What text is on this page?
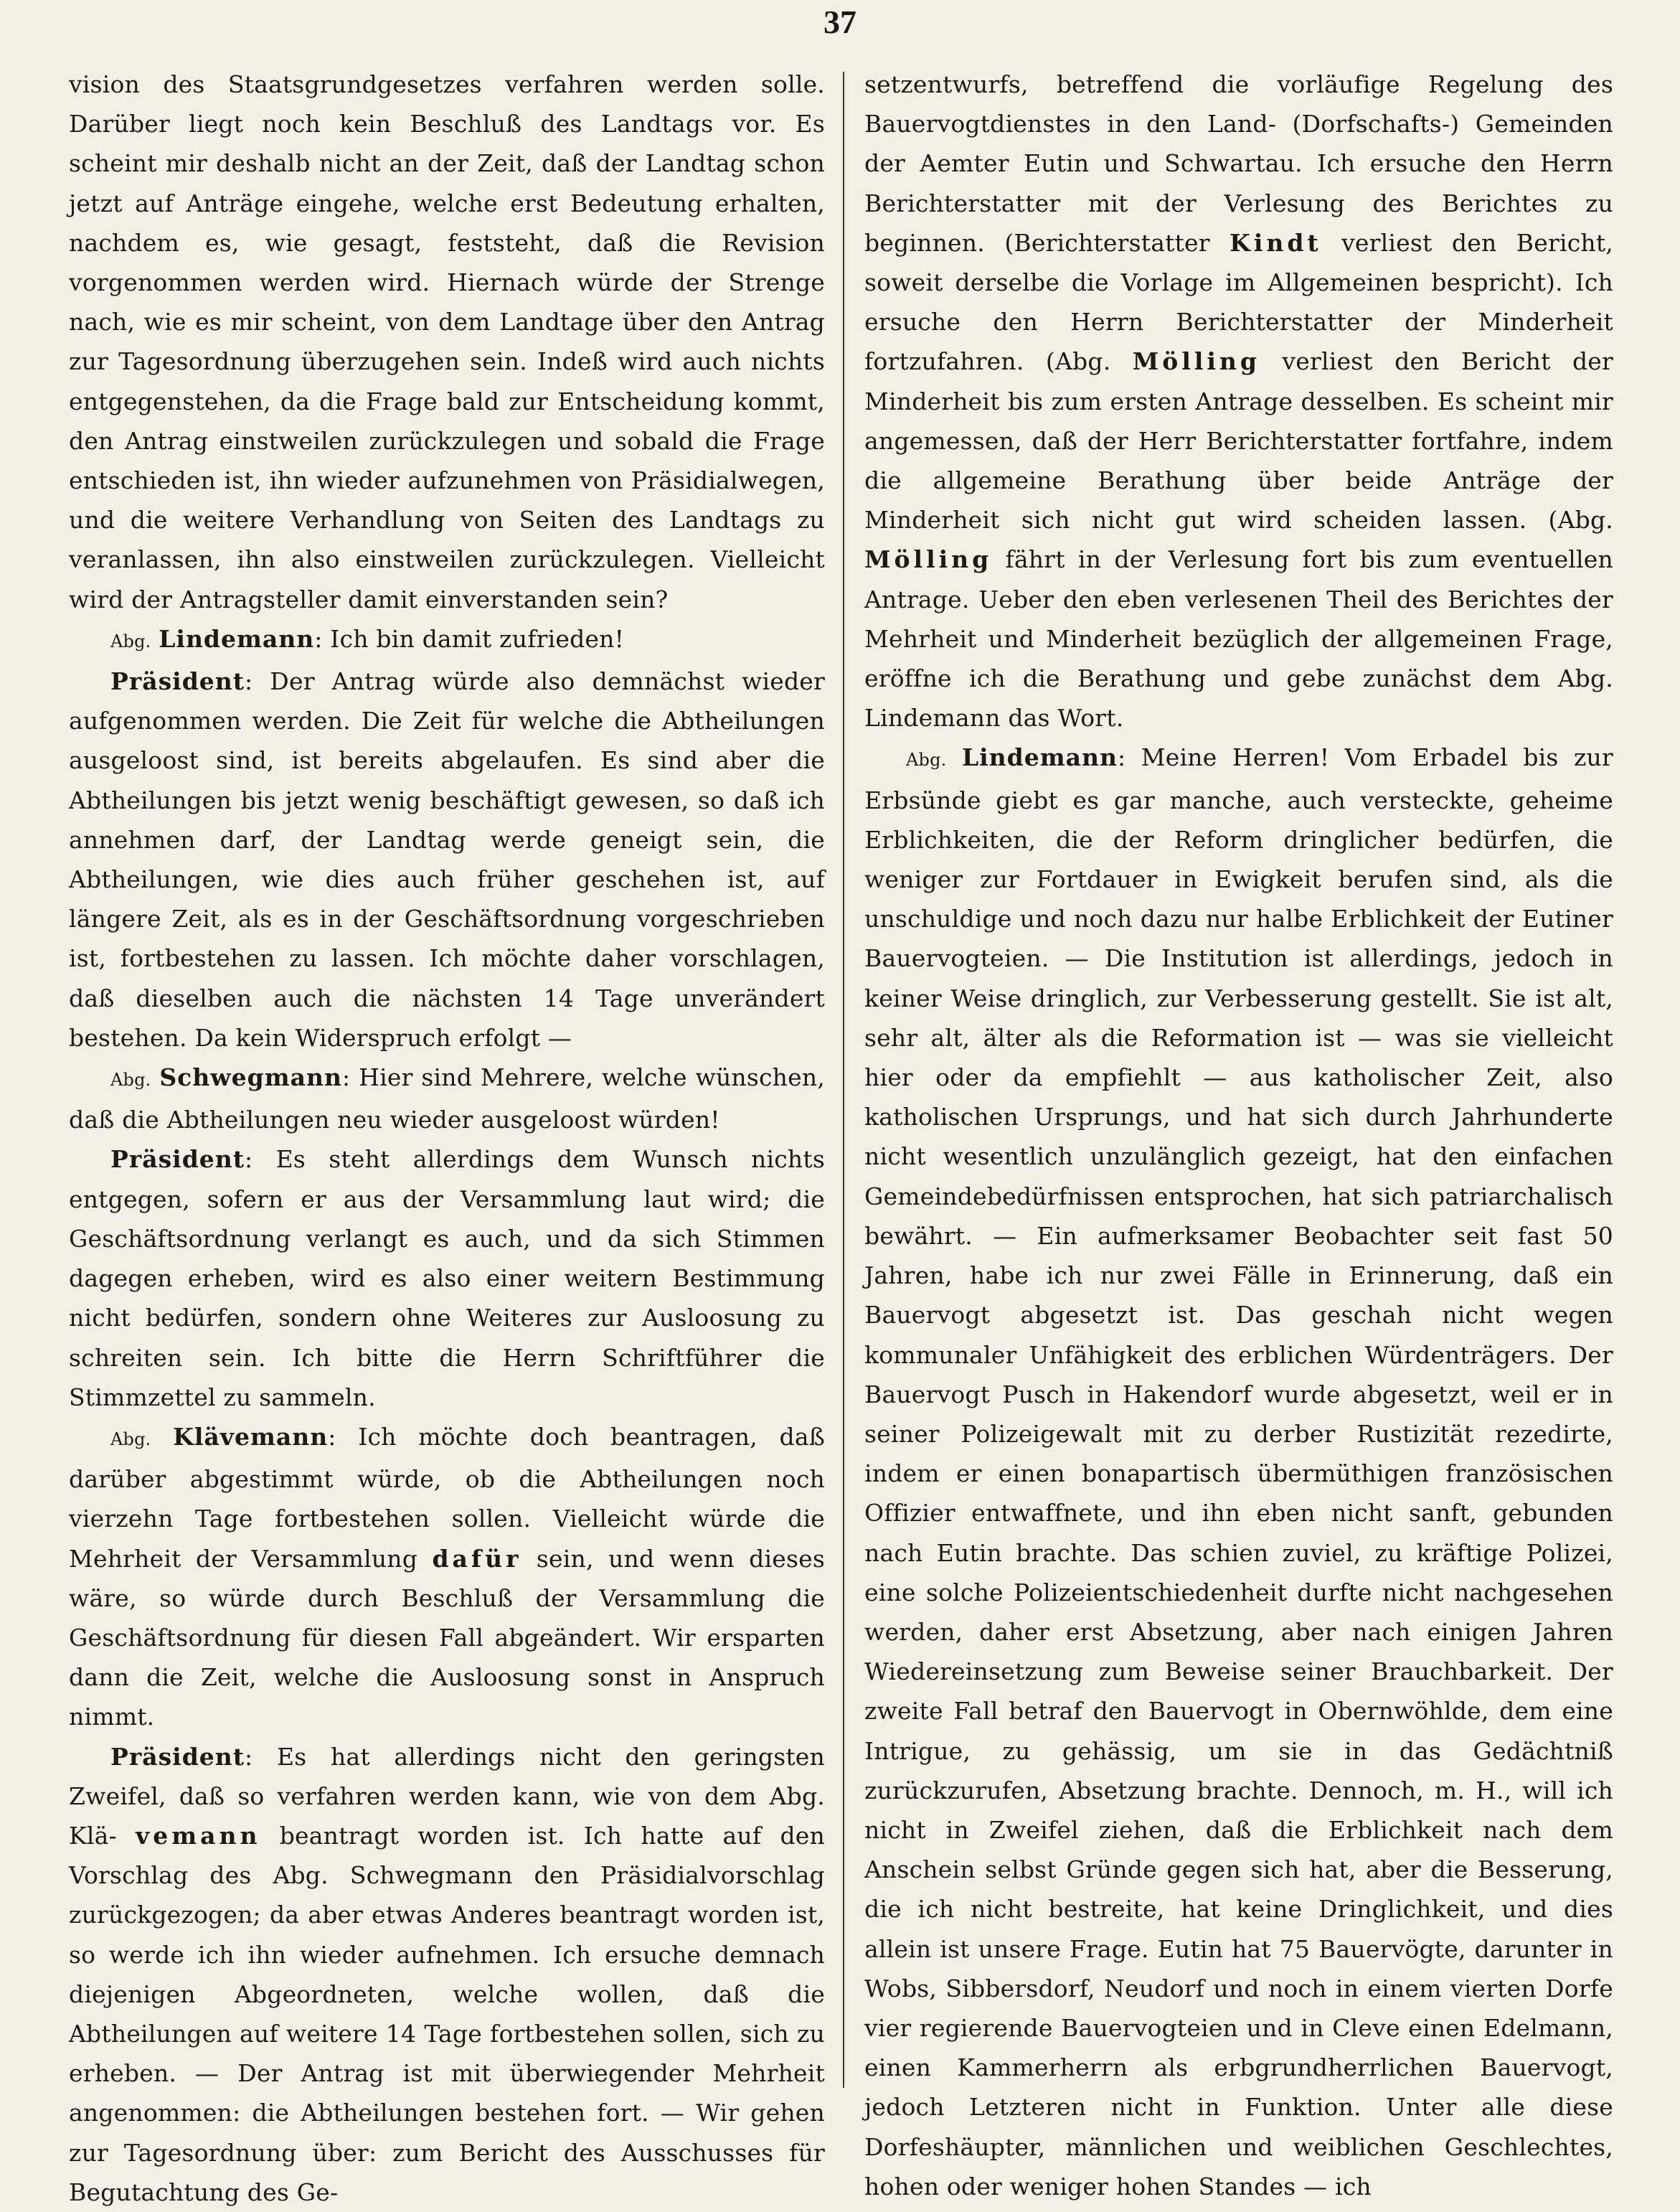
37

vision des Staatsgrundgesetzes verfahren werden solle. Darüber liegt noch kein Beschluß des Landtags vor. Es scheint mir deshalb nicht an der Zeit, daß der Landtag schon jetzt auf Anträge eingehe, welche erst Bedeutung erhalten, nachdem es, wie gesagt, feststeht, daß die Revision vorgenommen werden wird. Hiernach würde der Strenge nach, wie es mir scheint, von dem Landtage über den Antrag zur Tagesordnung überzugehen sein. Indeß wird auch nichts entgegenstehen, da die Frage bald zur Entscheidung kommt, den Antrag einstweilen zurückzulegen und sobald die Frage entschieden ist, ihn wieder aufzunehmen von Präsidialwegen, und die weitere Verhandlung von Seiten des Landtags zu veranlassen, ihn also einstweilen zurückzulegen. Vielleicht wird der Antragsteller damit einverstanden sein?

Abg. Lindemann: Ich bin damit zufrieden!

Präsident: Der Antrag würde also demnächst wieder aufgenommen werden. Die Zeit für welche die Abtheilungen ausgeloost sind, ist bereits abgelaufen. Es sind aber die Abtheilungen bis jetzt wenig beschäftigt gewesen, so daß ich annehmen darf, der Landtag werde geneigt sein, die Abtheilungen, wie dies auch früher geschehen ist, auf längere Zeit, als es in der Geschäftsordnung vorgeschrieben ist, fortbestehen zu lassen. Ich möchte daher vorschlagen, daß dieselben auch die nächsten 14 Tage unverändert bestehen. Da kein Widerspruch erfolgt —

Abg. Schwegmann: Hier sind Mehrere, welche wünschen, daß die Abtheilungen neu wieder ausgeloost würden!

Präsident: Es steht allerdings dem Wunsch nichts entgegen, sofern er aus der Versammlung laut wird; die Geschäftsordnung verlangt es auch, und da sich Stimmen dagegen erheben, wird es also einer weitern Bestimmung nicht bedürfen, sondern ohne Weiteres zur Ausloosung zu schreiten sein. Ich bitte die Herrn Schriftführer die Stimmzettel zu sammeln.

Abg. Klävemann: Ich möchte doch beantragen, daß darüber abgestimmt würde, ob die Abtheilungen noch vierzehn Tage fortbestehen sollen. Vielleicht würde die Mehrheit der Versammlung dafür sein, und wenn dieses wäre, so würde durch Beschluß der Versammlung die Geschäftsordnung für diesen Fall abgeändert. Wir ersparten dann die Zeit, welche die Ausloosung sonst in Anspruch nimmt.

Präsident: Es hat allerdings nicht den geringsten Zweifel, daß so verfahren werden kann, wie von dem Abg. Klä- vemann beantragt worden ist. Ich hatte auf den Vorschlag des Abg. Schwegmann den Präsidialvorschlag zurückgezogen; da aber etwas Anderes beantragt worden ist, so werde ich ihn wieder aufnehmen. Ich ersuche demnach diejenigen Abgeordneten, welche wollen, daß die Abtheilungen auf weitere 14 Tage fortbestehen sollen, sich zu erheben. — Der Antrag ist mit überwiegender Mehrheit angenommen: die Abtheilungen bestehen fort. — Wir gehen zur Tagesordnung über: zum Bericht des Ausschusses für Begutachtung des Ge-

setzentwurfs, betreffend die vorläufige Regelung des Bauervogtdienstes in den Land- (Dorfschafts-) Gemeinden der Aemter Eutin und Schwartau. Ich ersuche den Herrn Berichterstatter mit der Verlesung des Berichtes zu beginnen. (Berichterstatter Kindt verliest den Bericht, soweit derselbe die Vorlage im Allgemeinen bespricht). Ich ersuche den Herrn Berichterstatter der Minderheit fortzufahren. (Abg. Mölling verliest den Bericht der Minderheit bis zum ersten Antrage desselben. Es scheint mir angemessen, daß der Herr Berichterstatter fortfahre, indem die allgemeine Berathung über beide Anträge der Minderheit sich nicht gut wird scheiden lassen. (Abg. Mölling fährt in der Verlesung fort bis zum eventuellen Antrage. Ueber den eben verlesenen Theil des Berichtes der Mehrheit und Minderheit bezüglich der allgemeinen Frage, eröffne ich die Berathung und gebe zunächst dem Abg. Lindemann das Wort.

Abg. Lindemann: Meine Herren! Vom Erbadel bis zur Erbsünde giebt es gar manche, auch versteckte, geheime Erblichkeiten, die der Reform dringlicher bedürfen, die weniger zur Fortdauer in Ewigkeit berufen sind, als die unschuldige und noch dazu nur halbe Erblichkeit der Eutiner Bauervogteien. — Die Institution ist allerdings, jedoch in keiner Weise dringlich, zur Verbesserung gestellt. Sie ist alt, sehr alt, älter als die Reformation ist — was sie vielleicht hier oder da empfiehlt — aus katholischer Zeit, also katholischen Ursprungs, und hat sich durch Jahrhunderte nicht wesentlich unzulänglich gezeigt, hat den einfachen Gemeindebedürfnissen entsprochen, hat sich patriarchalisch bewährt. — Ein aufmerksamer Beobachter seit fast 50 Jahren, habe ich nur zwei Fälle in Erinnerung, daß ein Bauervogt abgesetzt ist. Das geschah nicht wegen kommunaler Unfähigkeit des erblichen Würdenträgers. Der Bauervogt Pusch in Hakendorf wurde abgesetzt, weil er in seiner Polizeigewalt mit zu derber Rustizität rezedirte, indem er einen bonapartisch übermüthigen französischen Offizier entwaffnete, und ihn eben nicht sanft, gebunden nach Eutin brachte. Das schien zuviel, zu kräftige Polizei, eine solche Polizeientschiedenheit durfte nicht nachgesehen werden, daher erst Absetzung, aber nach einigen Jahren Wiedereinsetzung zum Beweise seiner Brauchbarkeit. Der zweite Fall betraf den Bauervogt in Obernwöhlde, dem eine Intrigue, zu gehässig, um sie in das Gedächtniß zurückzurufen, Absetzung brachte. Dennoch, m. H., will ich nicht in Zweifel ziehen, daß die Erblichkeit nach dem Anschein selbst Gründe gegen sich hat, aber die Besserung, die ich nicht bestreite, hat keine Dringlichkeit, und dies allein ist unsere Frage. Eutin hat 75 Bauervögte, darunter in Wobs, Sibbersdorf, Neudorf und noch in einem vierten Dorfe vier regierende Bauervogteien und in Cleve einen Edelmann, einen Kammerherrn als erbgrundherrlichen Bauervogt, jedoch Letzteren nicht in Funktion. Unter alle diese Dorfeshäupter, männlichen und weiblichen Geschlechtes, hohen oder weniger hohen Standes — ich
